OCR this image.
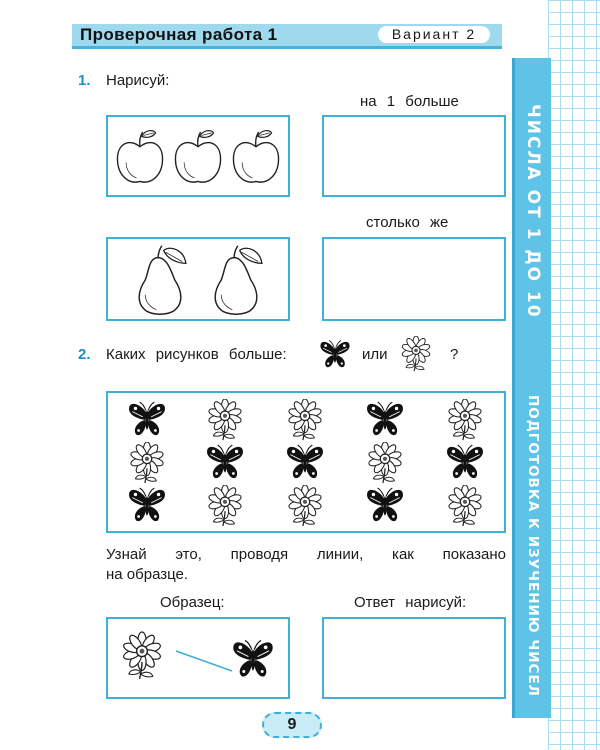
ЧИСЛА ОТ 1 ДО 10
ПОДГОТОВКА К ИЗУЧЕНИЮ ЧИСЕЛ
Проверочная работа 1	Вариант 2
1. Нарисуй:
на 1 больше
столько же
2. Каких рисунков больше:	или	?
Узнай это, проводя линии, как показано
на образце.
Образец:	Ответ нарисуй:
9
